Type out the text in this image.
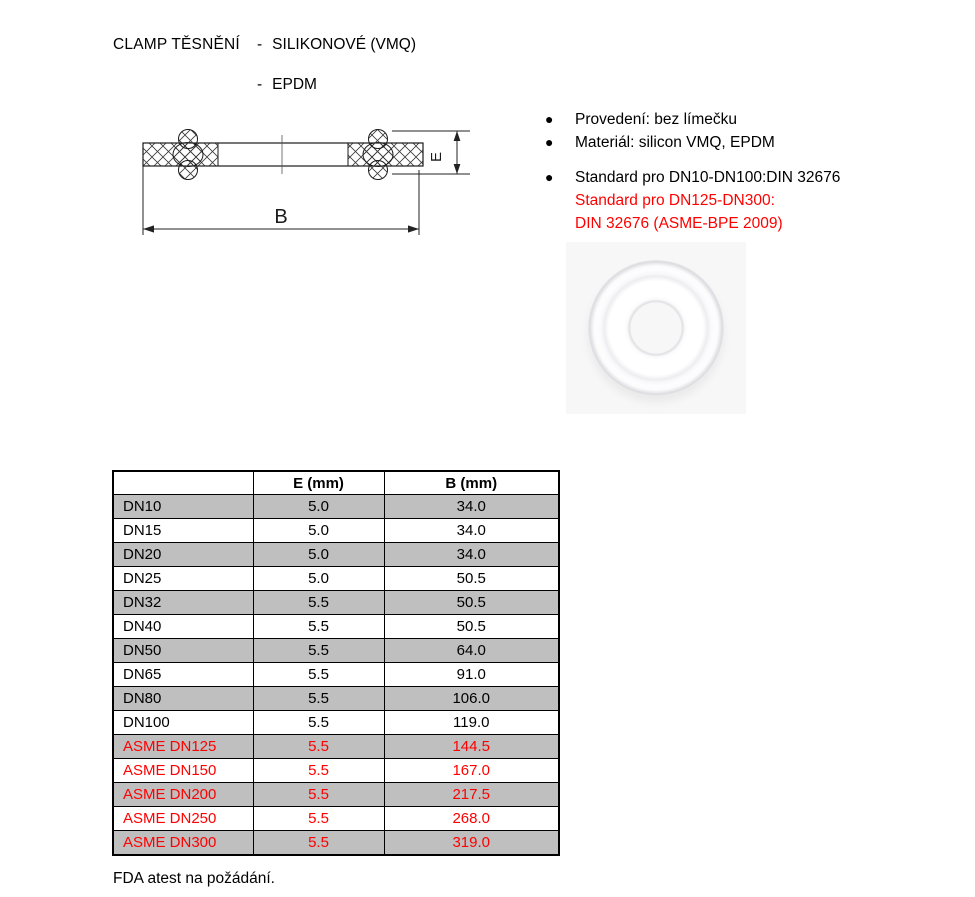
CLAMP TĚSNĚNÍ - SILIKONOVÉ (VMQ)
- EPDM
E
B
● Provedení: bez límečku
● Materiál: silicon VMQ, EPDM
● Standard pro DN10-DN100:DIN 32676
Standard pro DN125-DN300:
DIN 32676 (ASME-BPE 2009)
	E (mm)	B (mm)
DN10	5.0	34.0
DN15	5.0	34.0
DN20	5.0	34.0
DN25	5.0	50.5
DN32	5.5	50.5
DN40	5.5	50.5
DN50	5.5	64.0
DN65	5.5	91.0
DN80	5.5	106.0
DN100	5.5	119.0
ASME DN125	5.5	144.5
ASME DN150	5.5	167.0
ASME DN200	5.5	217.5
ASME DN250	5.5	268.0
ASME DN300	5.5	319.0
FDA atest na požádání.
